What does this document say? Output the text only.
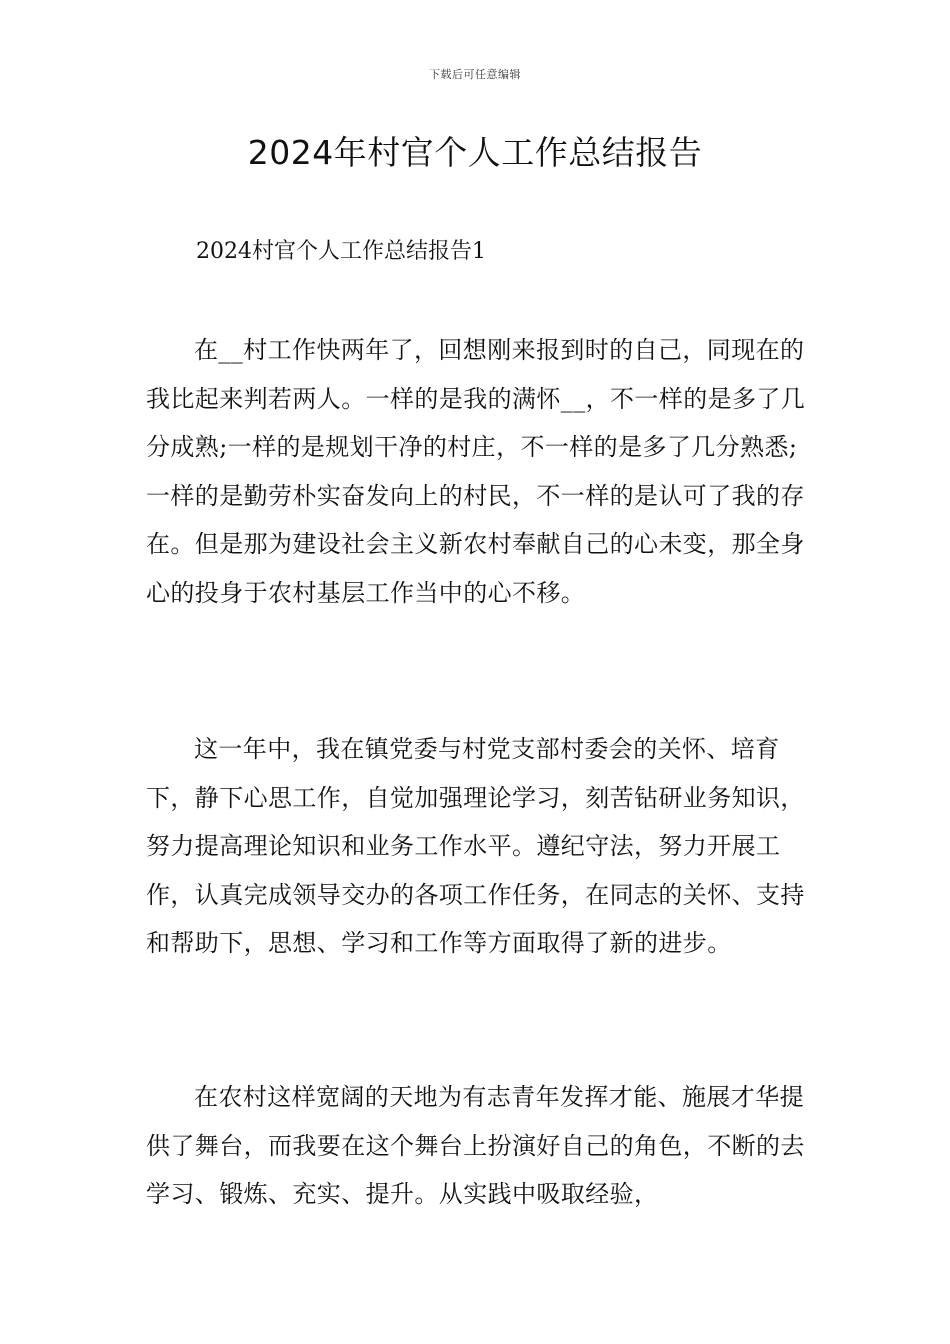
下载后可任意编辑
2024年村官个人工作总结报告
2024村官个人工作总结报告1

在__村工作快两年了，回想刚来报到时的自己，同现在的我比起来判若两人。一样的是我的满怀__，不一样的是多了几分成熟;一样的是规划干净的村庄，不一样的是多了几分熟悉;一样的是勤劳朴实奋发向上的村民，不一样的是认可了我的存在。但是那为建设社会主义新农村奉献自己的心未变，那全身心的投身于农村基层工作当中的心不移。

这一年中，我在镇党委与村党支部村委会的关怀、培育下，静下心思工作，自觉加强理论学习，刻苦钻研业务知识，努力提高理论知识和业务工作水平。遵纪守法，努力开展工作，认真完成领导交办的各项工作任务，在同志的关怀、支持和帮助下，思想、学习和工作等方面取得了新的进步。

在农村这样宽阔的天地为有志青年发挥才能、施展才华提供了舞台，而我要在这个舞台上扮演好自己的角色，不断的去学习、锻炼、充实、提升。从实践中吸取经验，
